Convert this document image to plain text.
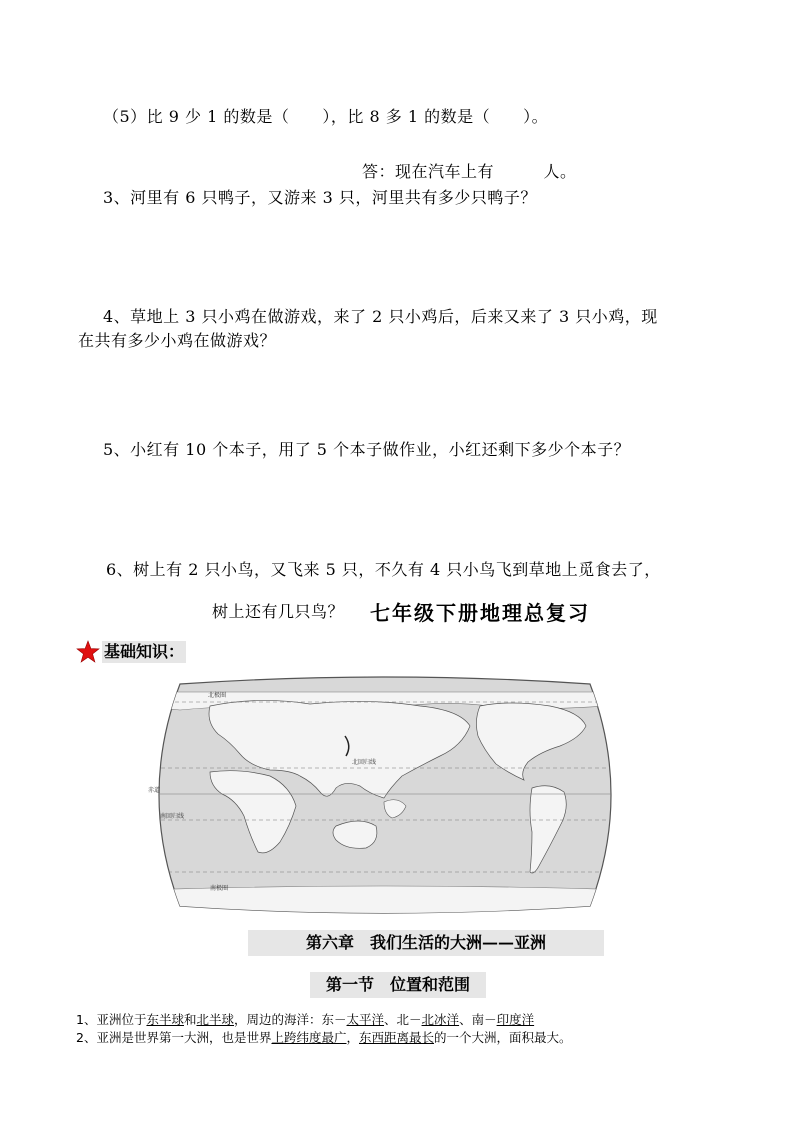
（5）比 9 少 1 的数是（　　），比 8 多 1 的数是（　　）。
答：现在汽车上有　　　人。
3、河里有 6 只鸭子，又游来 3 只，河里共有多少只鸭子？
4、草地上 3 只小鸡在做游戏，来了 2 只小鸡后，后来又来了 3 只小鸡，现
在共有多少小鸡在做游戏？
5、小红有 10 个本子，用了 5 个本子做作业，小红还剩下多少个本子？
6、树上有 2 只小鸟，又飞来 5 只，不久有 4 只小鸟飞到草地上觅食去了，
树上还有几只鸟？ 七年级下册地理总复习
基础知识：
北极圈
北回归线
赤道
南回归线
南极圈
第六章　我们生活的大洲——亚洲
第一节　位置和范围
1、亚洲位于东半球和北半球，周边的海洋：东－太平洋、北－北冰洋、南－印度洋
2、亚洲是世界第一大洲，也是世界上跨纬度最广，东西距离最长的一个大洲，面积最大。
